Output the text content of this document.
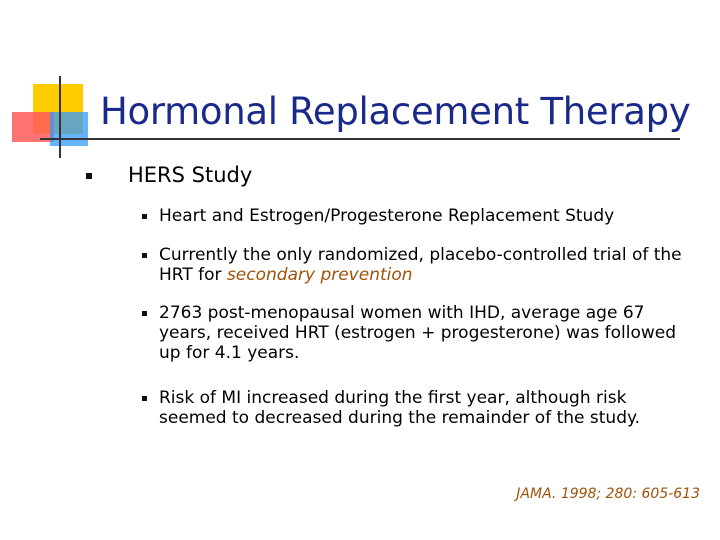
Hormonal Replacement Therapy
HERS Study
Heart and Estrogen/Progesterone Replacement Study
Currently the only randomized, placebo-controlled trial of the HRT for secondary prevention
2763 post-menopausal women with IHD, average age 67 years, received HRT (estrogen + progesterone) was followed up for 4.1 years.
Risk of MI increased during the first year, although risk seemed to decreased during the remainder of the study.
JAMA. 1998; 280: 605-613
